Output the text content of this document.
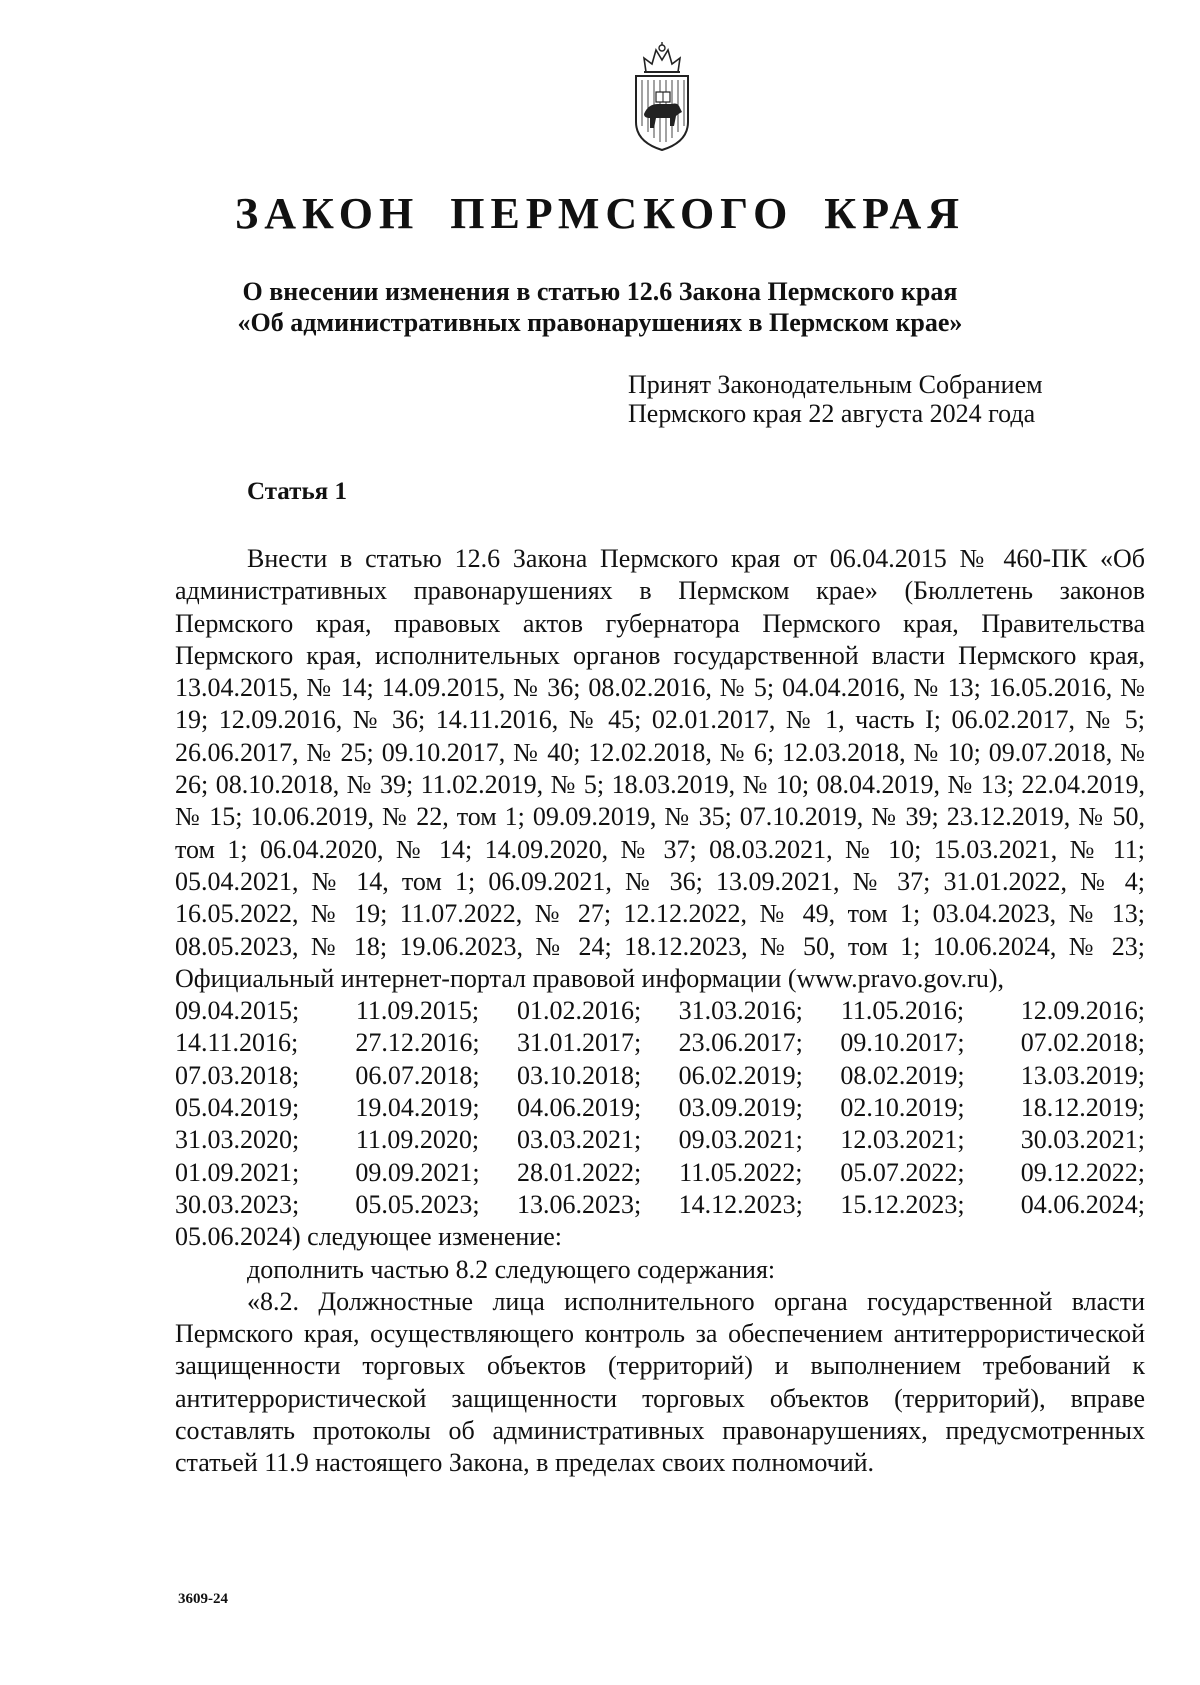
ЗАКОН ПЕРМСКОГО КРАЯ
О внесении изменения в статью 12.6 Закона Пермского края
«Об административных правонарушениях в Пермском крае»
Принят Законодательным Собранием
Пермского края 22 августа 2024 года
Статья 1

Внести в статью 12.6 Закона Пермского края от 06.04.2015 № 460-ПК «Об административных правонарушениях в Пермском крае» (Бюллетень законов Пермского края, правовых актов губернатора Пермского края, Правительства Пермского края, исполнительных органов государственной власти Пермского края, 13.04.2015, № 14; 14.09.2015, № 36; 08.02.2016, № 5; 04.04.2016, № 13; 16.05.2016, № 19; 12.09.2016, № 36; 14.11.2016, № 45; 02.01.2017, № 1, часть I; 06.02.2017, № 5; 26.06.2017, № 25; 09.10.2017, № 40; 12.02.2018, № 6; 12.03.2018, № 10; 09.07.2018, № 26; 08.10.2018, № 39; 11.02.2019, № 5; 18.03.2019, № 10; 08.04.2019, № 13; 22.04.2019, № 15; 10.06.2019, № 22, том 1; 09.09.2019, № 35; 07.10.2019, № 39; 23.12.2019, № 50, том 1; 06.04.2020, № 14; 14.09.2020, № 37; 08.03.2021, № 10; 15.03.2021, № 11; 05.04.2021, № 14, том 1; 06.09.2021, № 36; 13.09.2021, № 37; 31.01.2022, № 4; 16.05.2022, № 19; 11.07.2022, № 27; 12.12.2022, № 49, том 1; 03.04.2023, № 13; 08.05.2023, № 18; 19.06.2023, № 24; 18.12.2023, № 50, том 1; 10.06.2024, № 23; Официальный интернет-портал правовой информации (www.pravo.gov.ru),

09.04.2015;	11.09.2015;	01.02.2016;	31.03.2016;	11.05.2016;	12.09.2016;
14.11.2016;	27.12.2016;	31.01.2017;	23.06.2017;	09.10.2017;	07.02.2018;
07.03.2018;	06.07.2018;	03.10.2018;	06.02.2019;	08.02.2019;	13.03.2019;
05.04.2019;	19.04.2019;	04.06.2019;	03.09.2019;	02.10.2019;	18.12.2019;
31.03.2020;	11.09.2020;	03.03.2021;	09.03.2021;	12.03.2021;	30.03.2021;
01.09.2021;	09.09.2021;	28.01.2022;	11.05.2022;	05.07.2022;	09.12.2022;
30.03.2023;	05.05.2023;	13.06.2023;	14.12.2023;	15.12.2023;	04.06.2024;

05.06.2024) следующее изменение:

дополнить частью 8.2 следующего содержания:

«8.2. Должностные лица исполнительного органа государственной власти Пермского края, осуществляющего контроль за обеспечением антитеррористической защищенности торговых объектов (территорий) и выполнением требований к антитеррористической защищенности торговых объектов (территорий), вправе составлять протоколы об административных правонарушениях, предусмотренных статьей 11.9 настоящего Закона, в пределах своих полномочий.

3609-24
